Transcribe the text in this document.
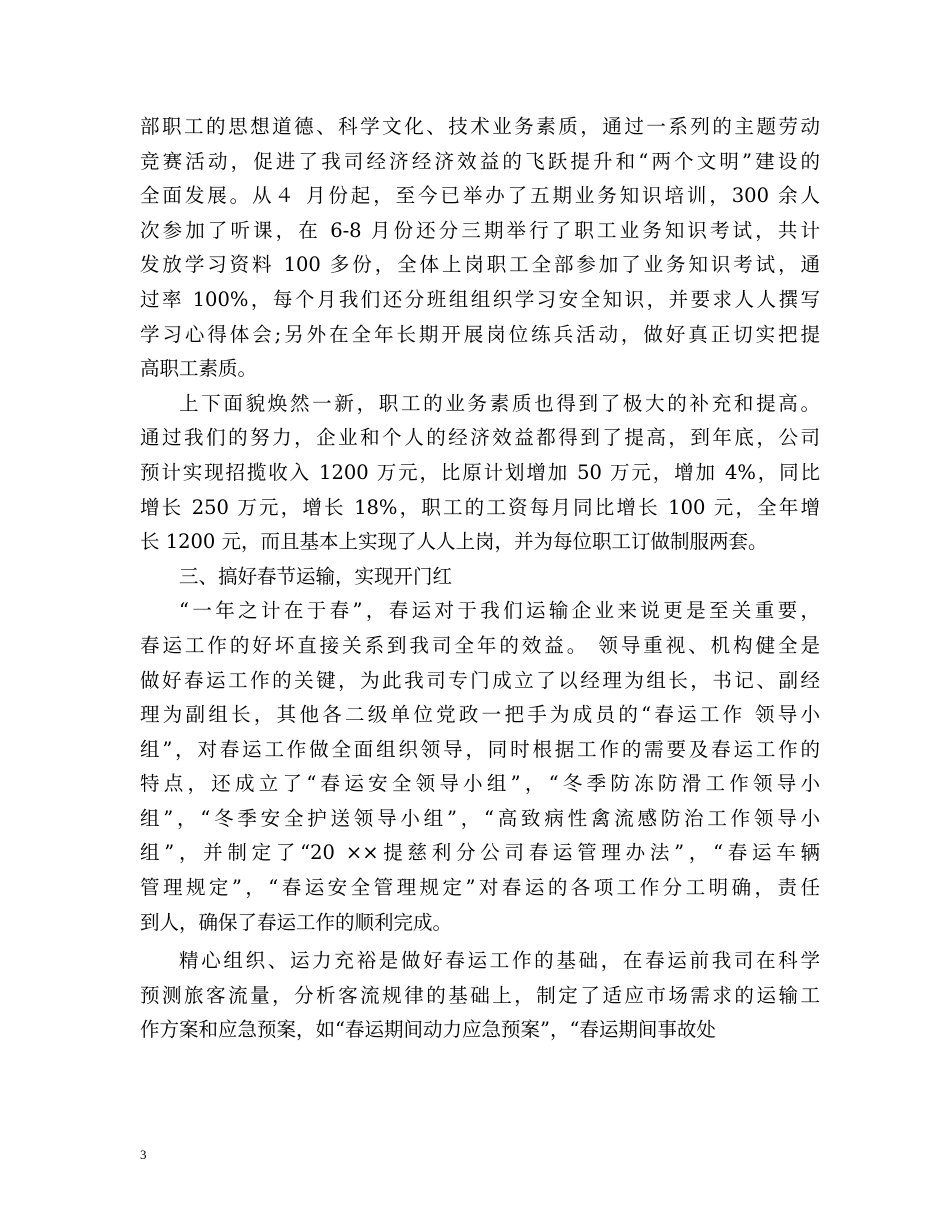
部职工的思想道德、科学文化、技术业务素质，通过一系列的主题劳动
竞赛活动，促进了我司经济经济效益的飞跃提升和“两个文明”建设的
全面发展。从４ 月份起，至今已举办了五期业务知识培训，300 余人
次参加了听课，在 6-8 月份还分三期举行了职工业务知识考试，共计
发放学习资料 100 多份，全体上岗职工全部参加了业务知识考试，通
过率 100%，每个月我们还分班组组织学习安全知识，并要求人人撰写
学习心得体会;另外在全年长期开展岗位练兵活动，做好真正切实把提
高职工素质。
上下面貌焕然一新，职工的业务素质也得到了极大的补充和提高。
通过我们的努力，企业和个人的经济效益都得到了提高，到年底，公司
预计实现招揽收入 1200 万元，比原计划增加 50 万元，增加 4%，同比
增长 250 万元，增长 18%，职工的工资每月同比增长 100 元，全年增
长 1200 元，而且基本上实现了人人上岗，并为每位职工订做制服两套。
三、搞好春节运输，实现开门红
“一年之计在于春”，春运对于我们运输企业来说更是至关重要，
春运工作的好坏直接关系到我司全年的效益。 领导重视、机构健全是
做好春运工作的关键，为此我司专门成立了以经理为组长，书记、副经
理为副组长，其他各二级单位党政一把手为成员的“春运工作 领导小
组”，对春运工作做全面组织领导，同时根据工作的需要及春运工作的
特点，还成立了“春运安全领导小组”，“冬季防冻防滑工作领导小
组”，“冬季安全护送领导小组”，“高致病性禽流感防治工作领导小
组”，并制定了“20 ××提慈利分公司春运管理办法”，“春运车辆
管理规定”，“春运安全管理规定”对春运的各项工作分工明确，责任
到人，确保了春运工作的顺利完成。
精心组织、运力充裕是做好春运工作的基础，在春运前我司在科学
预测旅客流量，分析客流规律的基础上，制定了适应市场需求的运输工
作方案和应急预案，如“春运期间动力应急预案”，“春运期间事故处
3
